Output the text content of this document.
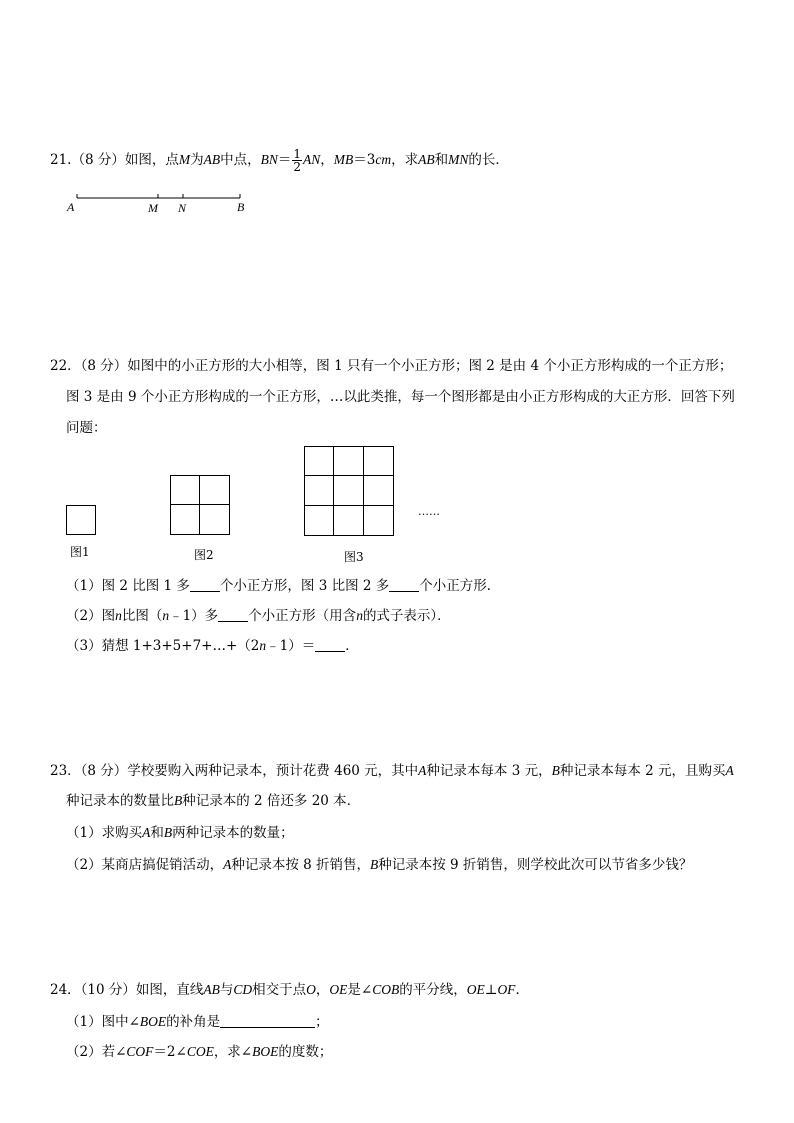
21.（8 分）如图，点M为AB中点，$BN= \frac{1}{2}$ AN，MB＝3cm，求AB和MN的长．
A	M N	B
22．（8 分）如图中的小正方形的大小相等，图 1 只有一个小正方形；图 2 是由 4 个小正方形构成的一个正方形；
图 3 是由 9 个小正方形构成的一个正方形，…以此类推，每一个图形都是由小正方形构成的大正方形．回答下列
问题：
……
图1	图2	图3
（1）图 2 比图 1 多 个小正方形，图 3 比图 2 多 个小正方形．
（2）图n比图（n﹣1）多 个小正方形（用含n的式子表示）．
（3）猜想 1+3+5+7+…+（2n﹣1）＝ ．
23．（8 分）学校要购入两种记录本，预计花费 460 元，其中A种记录本每本 3 元，B种记录本每本 2 元，且购买A
种记录本的数量比B种记录本的 2 倍还多 20 本．
（1）求购买A和B两种记录本的数量；
（2）某商店搞促销活动，A种记录本按 8 折销售，B种记录本按 9 折销售，则学校此次可以节省多少钱？
24．（10 分）如图，直线AB与CD相交于点O，OE是∠COB的平分线，OE⊥OF．
（1）图中∠BOE的补角是	；
（2）若∠COF＝2∠COE，求∠BOE的度数；
